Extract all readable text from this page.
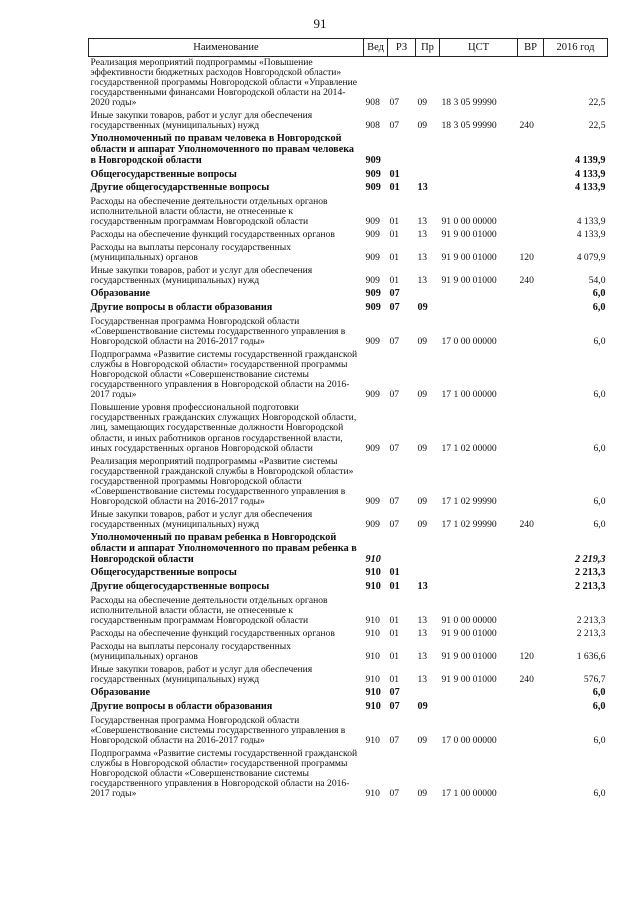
91
Наименование	Вед	РЗ	Пр	ЦСТ	ВР	2016 год
Реализация мероприятий подпрограммы «Повышение эффективности бюджетных расходов Новгородской области» государственной программы Новгородской области «Управление государственными финансами Новгородской области на 2014-2020 годы»	908	07	09	18 3 05 99990		22,5
Иные закупки товаров, работ и услуг для обеспечения государственных (муниципальных) нужд	908	07	09	18 3 05 99990	240	22,5
Уполномоченный по правам человека в Новгородской области и аппарат Уполномоченного по правам человека в Новгородской области	909					4 139,9
Общегосударственные вопросы	909	01				4 133,9
Другие общегосударственные вопросы	909	01	13			4 133,9
Расходы на обеспечение деятельности отдельных органов исполнительной власти области, не отнесенные к государственным программам Новгородской области	909	01	13	91 0 00 00000		4 133,9
Расходы на обеспечение функций государственных органов	909	01	13	91 9 00 01000		4 133,9
Расходы на выплаты персоналу государственных (муниципальных) органов	909	01	13	91 9 00 01000	120	4 079,9
Иные закупки товаров, работ и услуг для обеспечения государственных (муниципальных) нужд	909	01	13	91 9 00 01000	240	54,0
Образование	909	07				6,0
Другие вопросы в области образования	909	07	09			6,0
Государственная программа Новгородской области «Совершенствование системы государственного управления в Новгородской области на 2016-2017 годы»	909	07	09	17 0 00 00000		6,0
Подпрограмма «Развитие системы государственной гражданской службы в Новгородской области» государственной программы Новгородской области «Совершенствование системы государственного управления в Новгородской области на 2016-2017 годы»	909	07	09	17 1 00 00000		6,0
Повышение уровня профессиональной подготовки государственных гражданских служащих Новгородской области, лиц, замещающих государственные должности Новгородской области, и иных работников органов государственной власти, иных государственных органов Новгородской области	909	07	09	17 1 02 00000		6,0
Реализация мероприятий подпрограммы «Развитие системы государственной гражданской службы в Новгородской области» государственной программы Новгородской области «Совершенствование системы государственного управления в Новгородской области на 2016-2017 годы»	909	07	09	17 1 02 99990		6,0
Иные закупки товаров, работ и услуг для обеспечения государственных (муниципальных) нужд	909	07	09	17 1 02 99990	240	6,0
Уполномоченный по правам ребенка в Новгородской области и аппарат Уполномоченного по правам ребенка в Новгородской области	910					2 219,3
Общегосударственные вопросы	910	01				2 213,3
Другие общегосударственные вопросы	910	01	13			2 213,3
Расходы на обеспечение деятельности отдельных органов исполнительной власти области, не отнесенные к государственным программам Новгородской области	910	01	13	91 0 00 00000		2 213,3
Расходы на обеспечение функций государственных органов	910	01	13	91 9 00 01000		2 213,3
Расходы на выплаты персоналу государственных (муниципальных) органов	910	01	13	91 9 00 01000	120	1 636,6
Иные закупки товаров, работ и услуг для обеспечения государственных (муниципальных) нужд	910	01	13	91 9 00 01000	240	576,7
Образование	910	07				6,0
Другие вопросы в области образования	910	07	09			6,0
Государственная программа Новгородской области «Совершенствование системы государственного управления в Новгородской области на 2016-2017 годы»	910	07	09	17 0 00 00000		6,0
Подпрограмма «Развитие системы государственной гражданской службы в Новгородской области» государственной программы Новгородской области «Совершенствование системы государственного управления в Новгородской области на 2016-2017 годы»	910	07	09	17 1 00 00000		6,0
